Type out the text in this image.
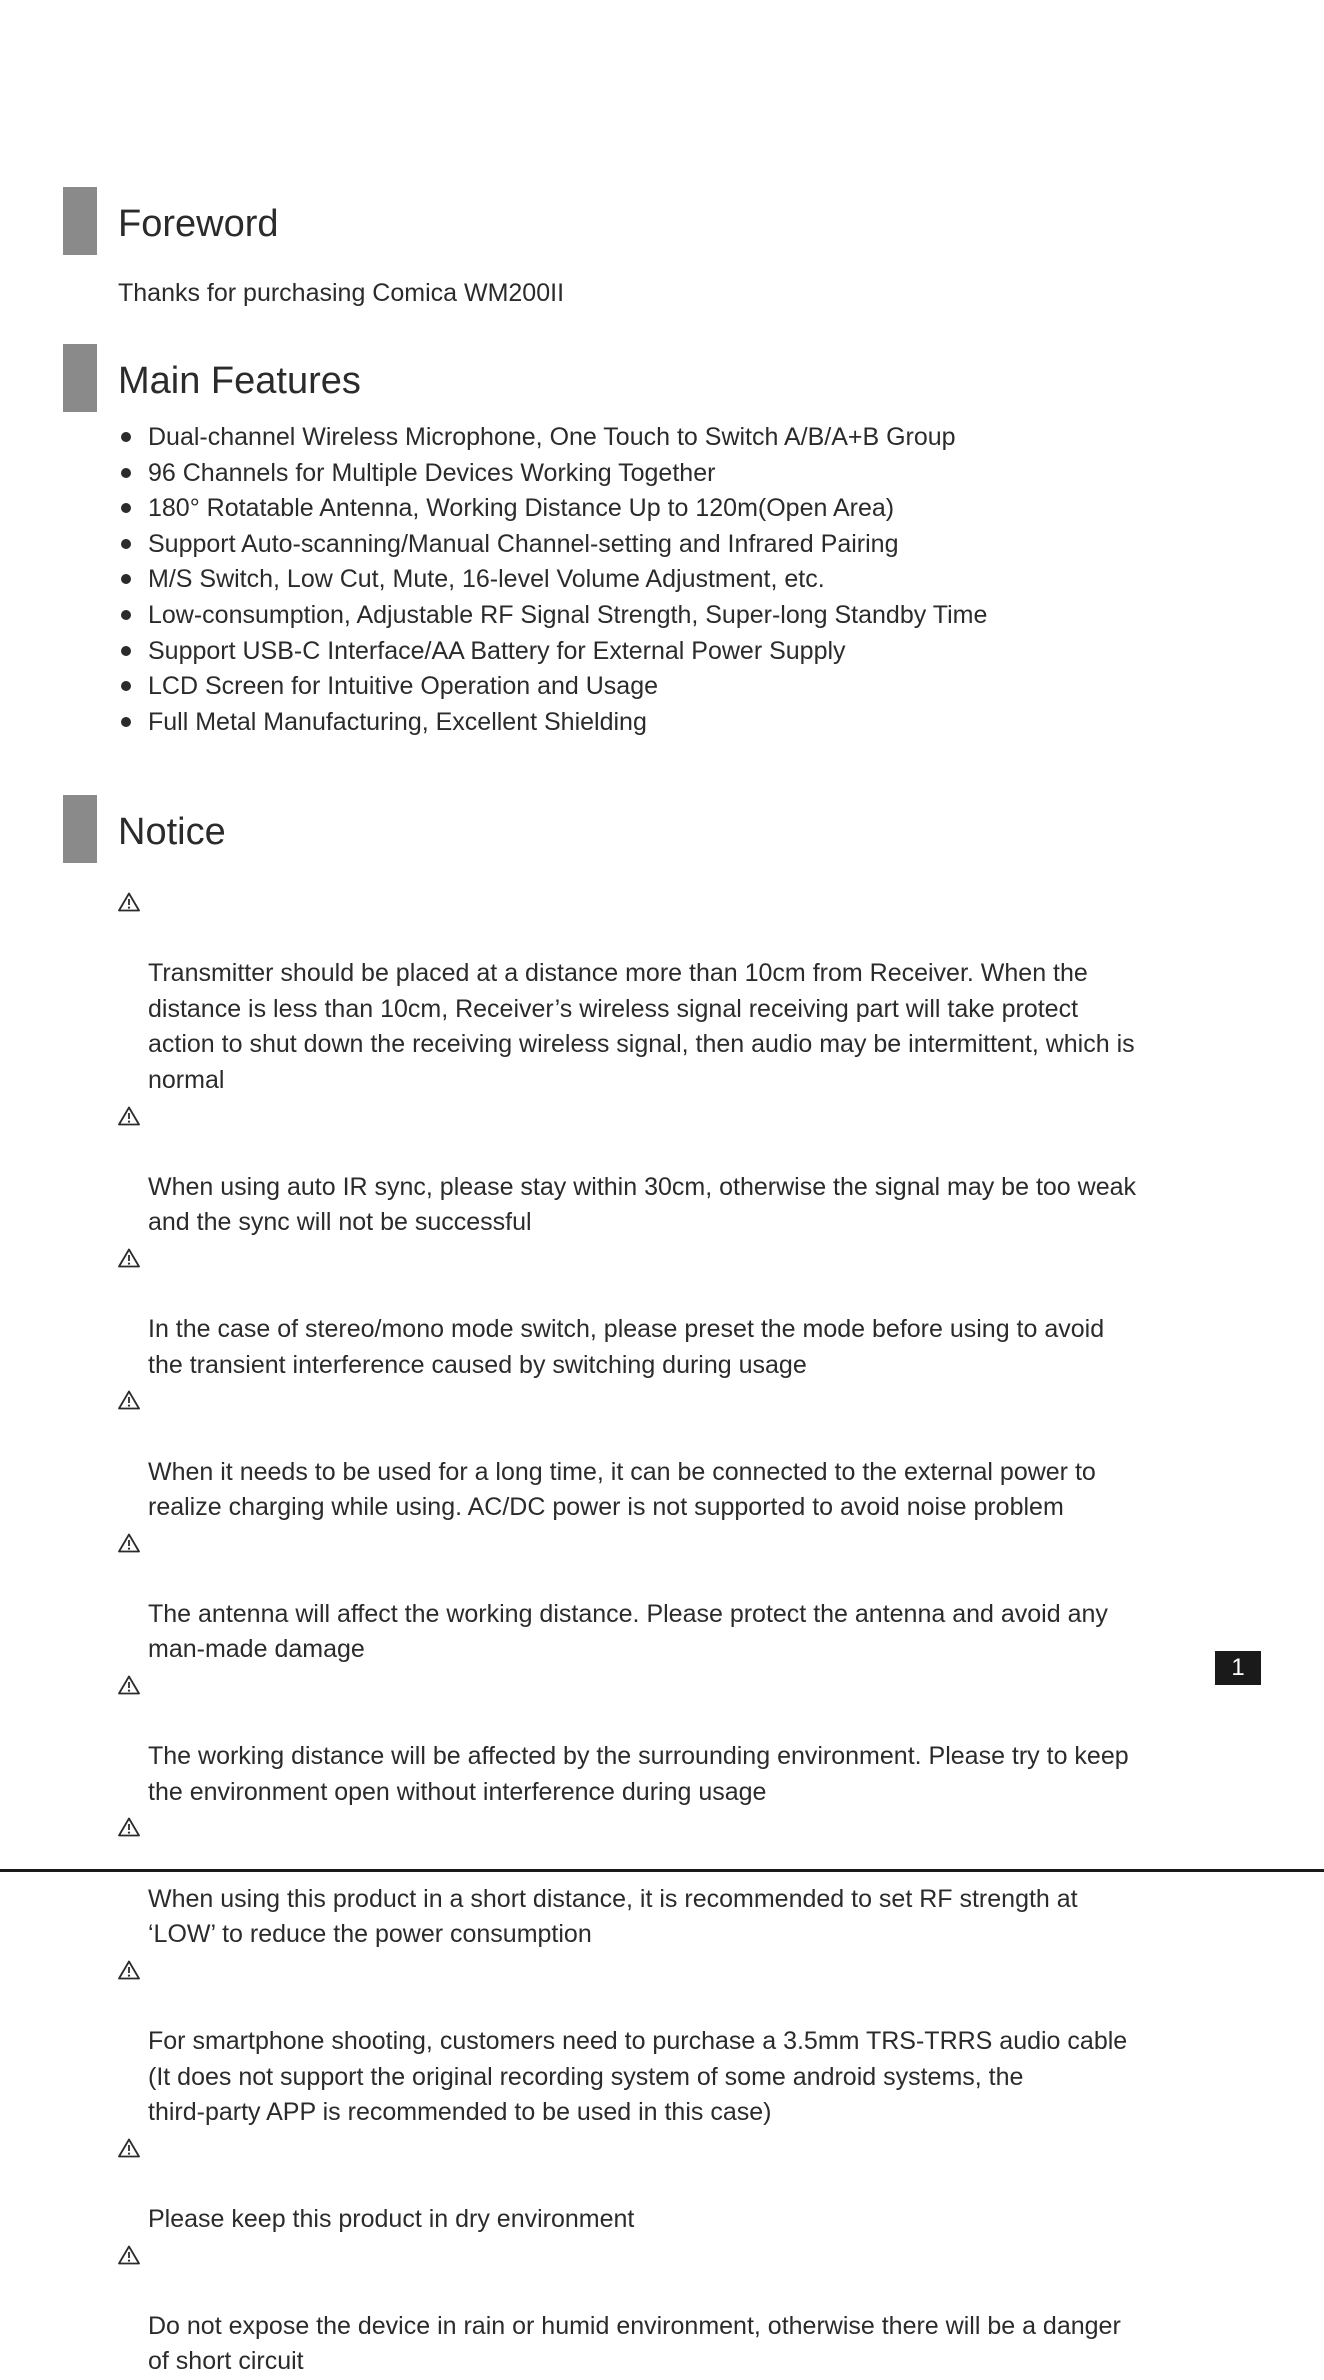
Foreword

Thanks for purchasing Comica WM200II

Main Features
Dual-channel Wireless Microphone, One Touch to Switch A/B/A+B Group
96 Channels for Multiple Devices Working Together
180° Rotatable Antenna, Working Distance Up to 120m(Open Area)
Support Auto-scanning/Manual Channel-setting and Infrared Pairing
M/S Switch, Low Cut, Mute, 16-level Volume Adjustment, etc.
Low-consumption, Adjustable RF Signal Strength, Super-long Standby Time
Support USB-C Interface/AA Battery for External Power Supply
LCD Screen for Intuitive Operation and Usage
Full Metal Manufacturing, Excellent Shielding
Notice

Transmitter should be placed at a distance more than 10cm from Receiver. When the
distance is less than 10cm, Receiver’s wireless signal receiving part will take protect
action to shut down the receiving wireless signal, then audio may be intermittent, which is
normal

When using auto IR sync, please stay within 30cm, otherwise the signal may be too weak
and the sync will not be successful

In the case of stereo/mono mode switch, please preset the mode before using to avoid
the transient interference caused by switching during usage

When it needs to be used for a long time, it can be connected to the external power to
realize charging while using. AC/DC power is not supported to avoid noise problem

The antenna will affect the working distance. Please protect the antenna and avoid any
man-made damage

The working distance will be affected by the surrounding environment. Please try to keep
the environment open without interference during usage

When using this product in a short distance, it is recommended to set RF strength at
‘LOW’ to reduce the power consumption

For smartphone shooting, customers need to purchase a 3.5mm TRS-TRRS audio cable
(It does not support the original recording system of some android systems, the
third-party APP is recommended to be used in this case)

Please keep this product in dry environment

Do not expose the device in rain or humid environment, otherwise there will be a danger
of short circuit

1
